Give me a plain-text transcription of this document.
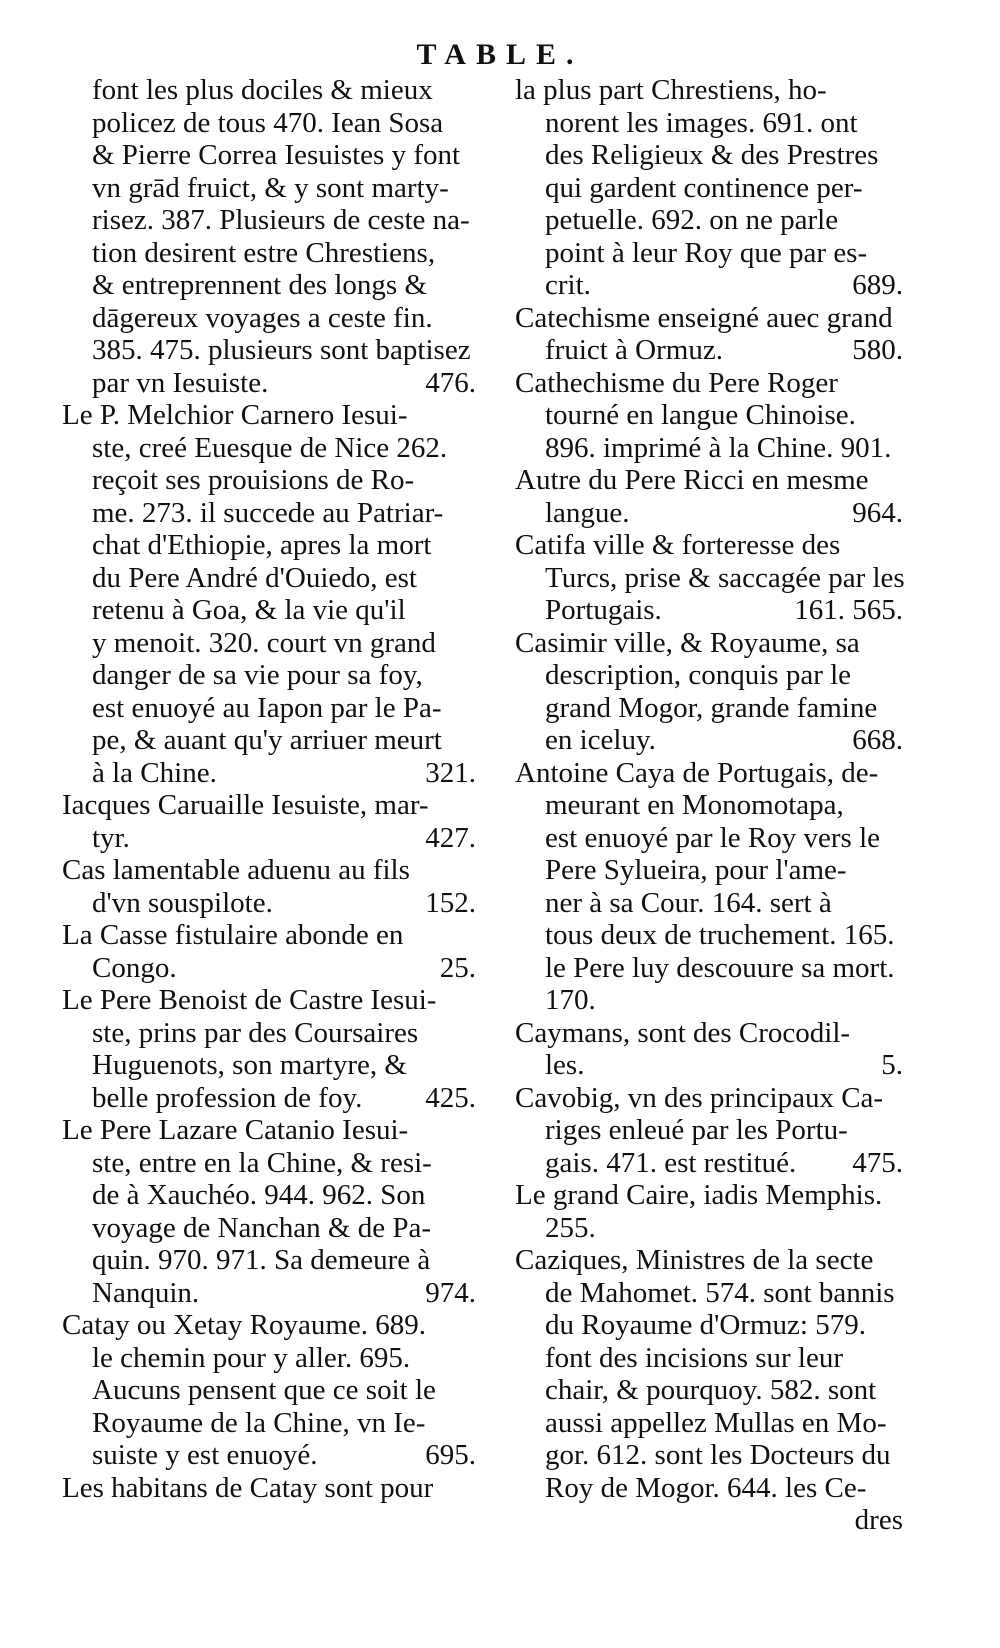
TABLE.
font les plus dociles & mieux
policez de tous 470. Iean Sosa
& Pierre Correa Iesuistes y font
vn grād fruict, & y sont marty-
risez. 387. Plusieurs de ceste na-
tion desirent estre Chrestiens,
& entreprennent des longs &
dāgereux voyages a ceste fin.
385. 475. plusieurs sont baptisez
par vn Iesuiste.	476.
Le P. Melchior Carnero Iesui-
ste, creé Euesque de Nice 262.
reçoit ses prouisions de Ro-
me. 273. il succede au Patriar-
chat d'Ethiopie, apres la mort
du Pere André d'Ouiedo, est
retenu à Goa, & la vie qu'il
y menoit. 320. court vn grand
danger de sa vie pour sa foy,
est enuoyé au Iapon par le Pa-
pe, & auant qu'y arriuer meurt
à la Chine.	321.
Iacques Caruaille Iesuiste, mar-
tyr.	427.
Cas lamentable aduenu au fils
d'vn souspilote.	152.
La Casse fistulaire abonde en
Congo.	25.
Le Pere Benoist de Castre Iesui-
ste, prins par des Coursaires
Huguenots, son martyre, &
belle profession de foy. 425.
Le Pere Lazare Catanio Iesui-
ste, entre en la Chine, & resi-
de à Xauchéo. 944. 962. Son
voyage de Nanchan & de Pa-
quin. 970. 971. Sa demeure à
Nanquin.	974.
Catay ou Xetay Royaume. 689.
le chemin pour y aller. 695.
Aucuns pensent que ce soit le
Royaume de la Chine, vn Ie-
suiste y est enuoyé.	695.
Les habitans de Catay sont pour
la plus part Chrestiens, ho-
norent les images. 691. ont
des Religieux & des Prestres
qui gardent continence per-
petuelle. 692. on ne parle
point à leur Roy que par es-
crit.	689.
Catechisme enseigné auec grand
fruict à Ormuz.	580.
Cathechisme du Pere Roger
tourné en langue Chinoise.
896. imprimé à la Chine. 901.
Autre du Pere Ricci en mesme
langue.	964.
Catifa ville & forteresse des
Turcs, prise & saccagée par les
Portugais.	161. 565.
Casimir ville, & Royaume, sa
description, conquis par le
grand Mogor, grande famine
en iceluy.	668.
Antoine Caya de Portugais, de-
meurant en Monomotapa,
est enuoyé par le Roy vers le
Pere Sylueira, pour l'ame-
ner à sa Cour. 164. sert à
tous deux de truchement. 165.
le Pere luy descouure sa mort.
170.
Caymans, sont des Crocodil-
les.	5.
Cavobig, vn des principaux Ca-
riges enleué par les Portu-
gais. 471. est restitué. 475.
Le grand Caire, iadis Memphis.
255.
Caziques, Ministres de la secte
de Mahomet. 574. sont bannis
du Royaume d'Ormuz: 579.
font des incisions sur leur
chair, & pourquoy. 582. sont
aussi appellez Mullas en Mo-
gor. 612. sont les Docteurs du
Roy de Mogor. 644. les Ce-
dres
